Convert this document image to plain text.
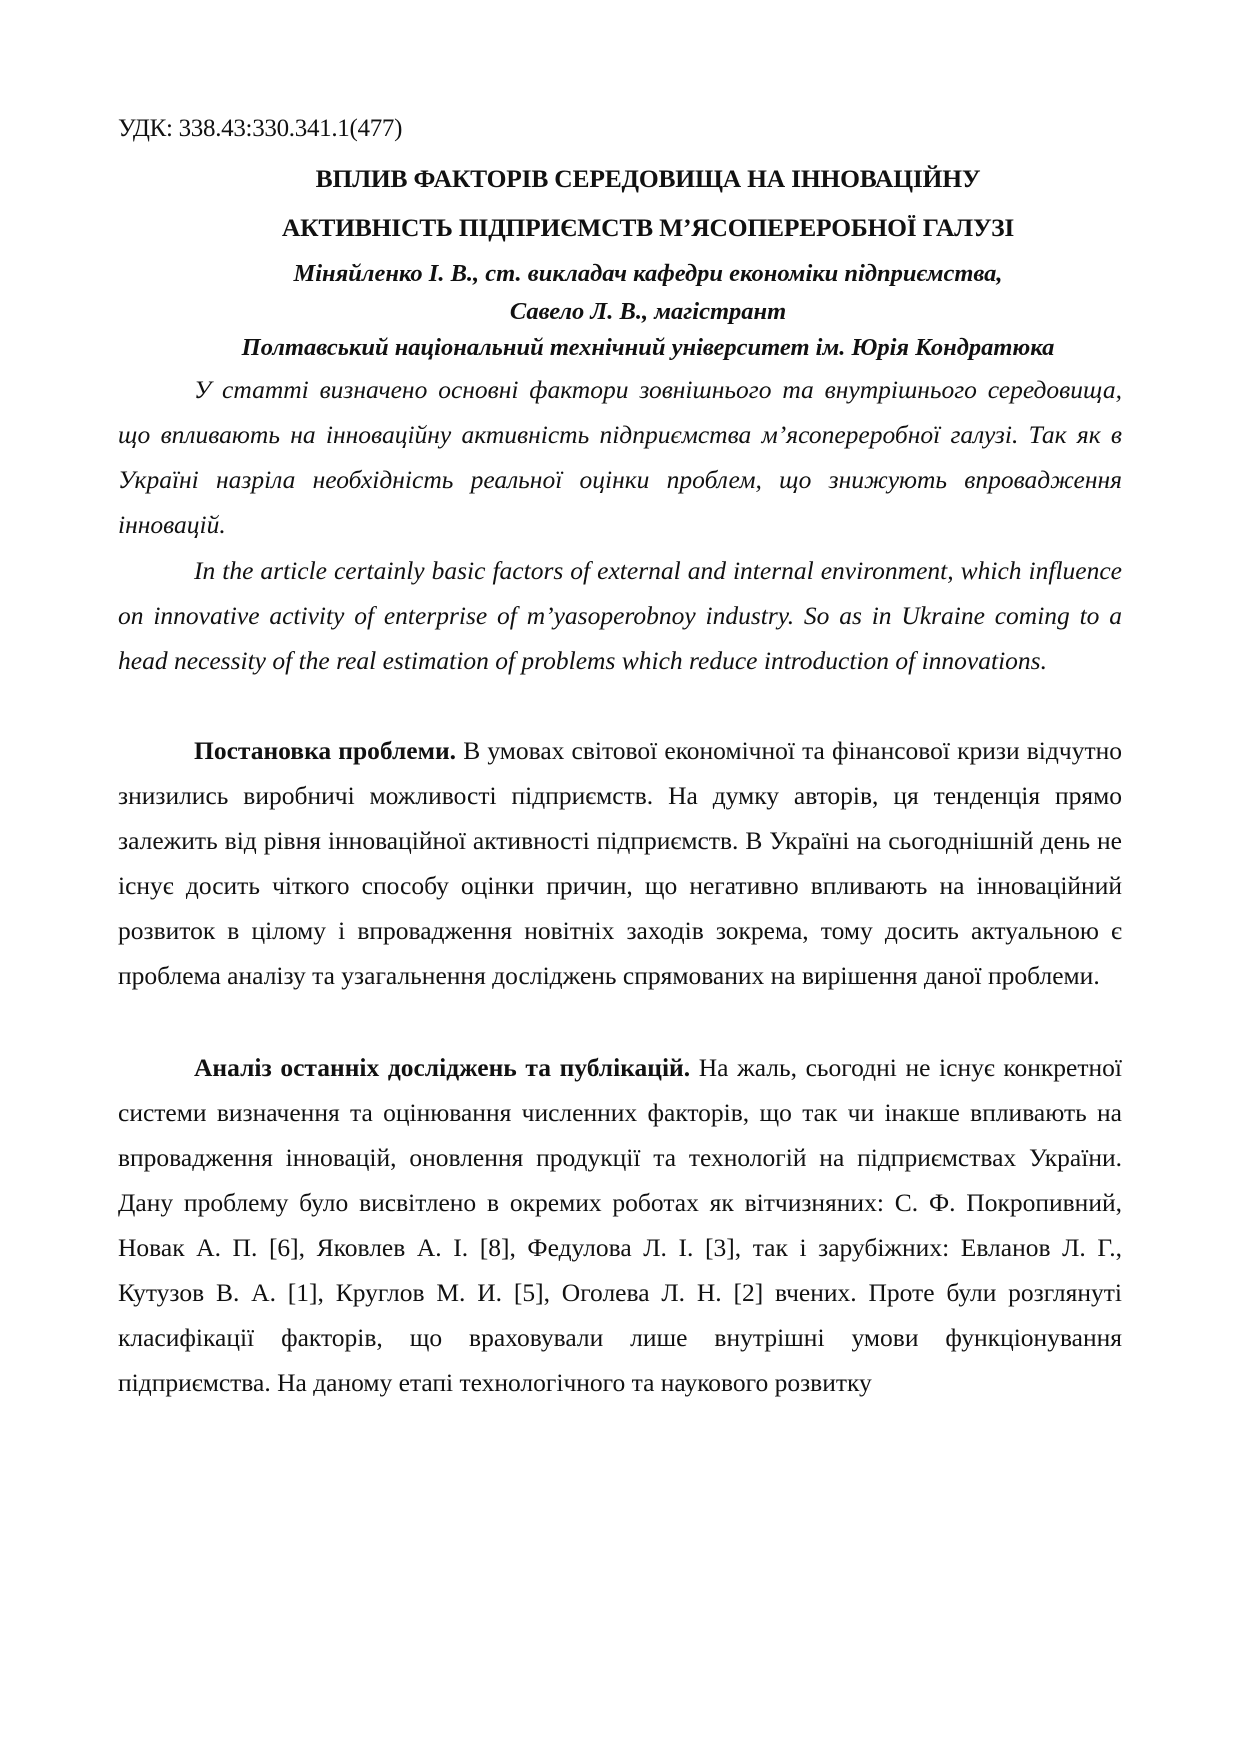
УДК: 338.43:330.341.1(477)
ВПЛИВ ФАКТОРІВ СЕРЕДОВИЩА НА ІННОВАЦІЙНУ
АКТИВНІСТЬ ПІДПРИЄМСТВ М’ЯСОПЕРЕРОБНОЇ ГАЛУЗІ
Міняйленко І. В., ст. викладач кафедри економіки підприємства,
Савело Л. В., магістрант
Полтавський національний технічний університет ім. Юрія Кондратюка

У статті визначено основні фактори зовнішнього та внутрішнього середовища, що впливають на інноваційну активність підприємства м’ясопереробної галузі. Так як в Україні назріла необхідність реальної оцінки проблем, що знижують впровадження інновацій.

In the article certainly basic factors of external and internal environment, which influence on innovative activity of enterprise of m’yasoperobnoy industry. So as in Ukraine coming to a head necessity of the real estimation of problems which reduce introduction of innovations.

Постановка проблеми. В умовах світової економічної та фінансової кризи відчутно знизились виробничі можливості підприємств. На думку авторів, ця тенденція прямо залежить від рівня інноваційної активності підприємств. В Україні на сьогоднішній день не існує досить чіткого способу оцінки причин, що негативно впливають на інноваційний розвиток в цілому і впровадження новітніх заходів зокрема, тому досить актуальною є проблема аналізу та узагальнення досліджень спрямованих на вирішення даної проблеми.

Аналіз останніх досліджень та публікацій. На жаль, сьогодні не існує конкретної системи визначення та оцінювання численних факторів, що так чи інакше впливають на впровадження інновацій, оновлення продукції та технологій на підприємствах України. Дану проблему було висвітлено в окремих роботах як вітчизняних: С. Ф. Покропивний, Новак А. П. [6], Яковлев А. І. [8], Федулова Л. І. [3], так і зарубіжних: Евланов Л. Г., Кутузов В. А. [1], Круглов М. И. [5], Оголева Л. Н. [2] вчених. Проте були розглянуті класифікації факторів, що враховували лише внутрішні умови функціонування підприємства. На даному етапі технологічного та наукового розвитку
